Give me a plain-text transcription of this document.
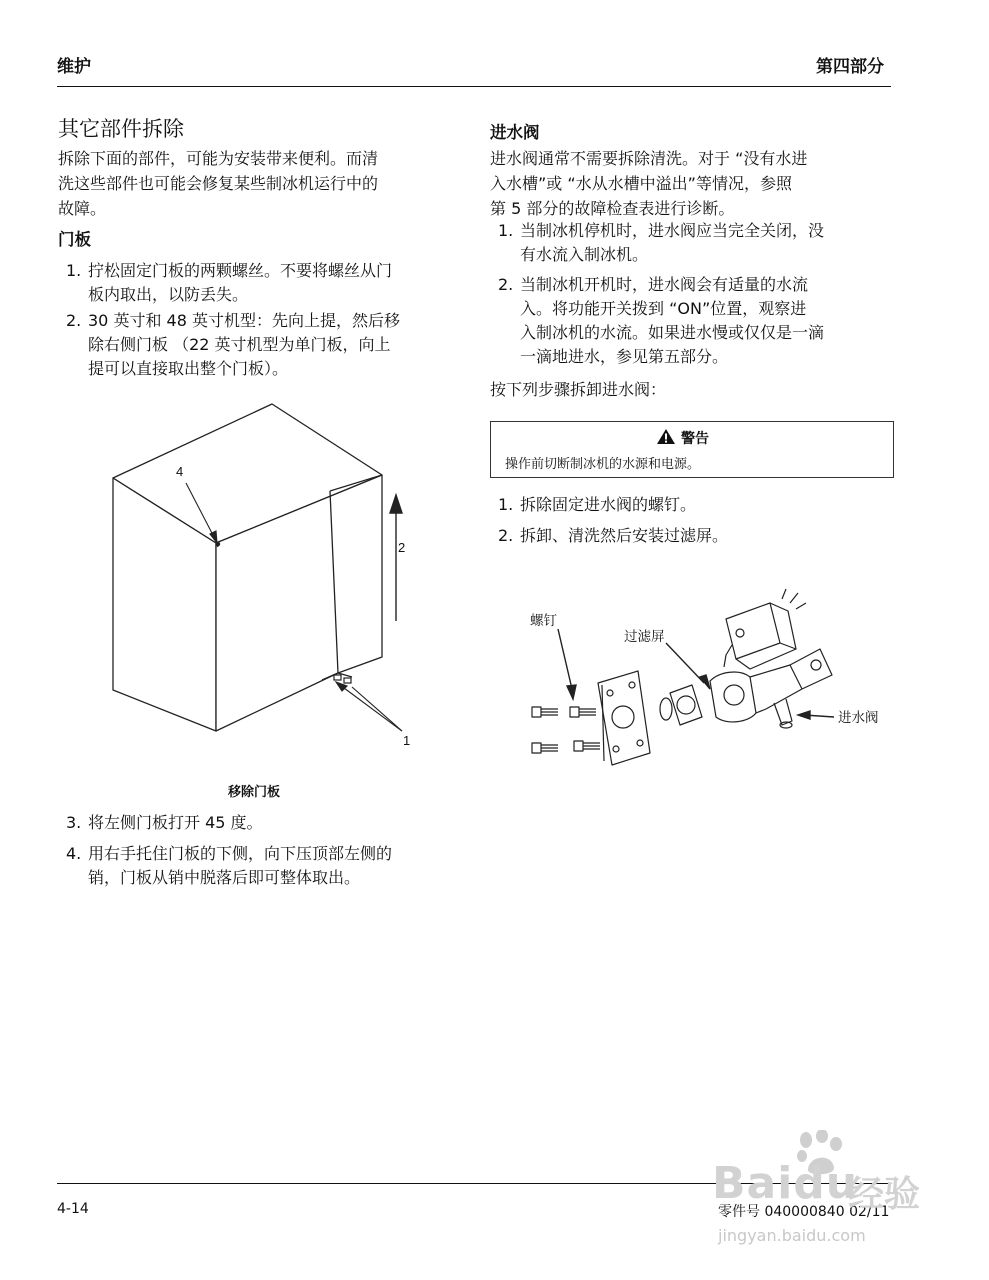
维护	第四部分
其它部件拆除
拆除下面的部件，可能为安装带来便利。而清
洗这些部件也可能会修复某些制冰机运行中的
故障。
门板
1. 拧松固定门板的两颗螺丝。不要将螺丝从门
板内取出，以防丢失。
2. 30 英寸和 48 英寸机型：先向上提，然后移
除右侧门板 （22 英寸机型为单门板，向上
提可以直接取出整个门板）。
4
2
1
移除门板
3. 将左侧门板打开 45 度。
4. 用右手托住门板的下侧，向下压顶部左侧的
销，门板从销中脱落后即可整体取出。
进水阀
进水阀通常不需要拆除清洗。对于 “没有水进
入水槽”或 “水从水槽中溢出”等情况，参照
第 5 部分的故障检查表进行诊断。
1. 当制冰机停机时，进水阀应当完全关闭，没
有水流入制冰机。
2. 当制冰机开机时，进水阀会有适量的水流
入。将功能开关拨到 “ON”位置，观察进
入制冰机的水流。如果进水慢或仅仅是一滴
一滴地进水，参见第五部分。
按下列步骤拆卸进水阀：
警告
操作前切断制冰机的水源和电源。
1. 拆除固定进水阀的螺钉。
2. 拆卸、清洗然后安装过滤屏。
螺钉
过滤屏
进水阀
4-14	零件号 040000840 02/11
Baidu
经验
jingyan.baidu.com
